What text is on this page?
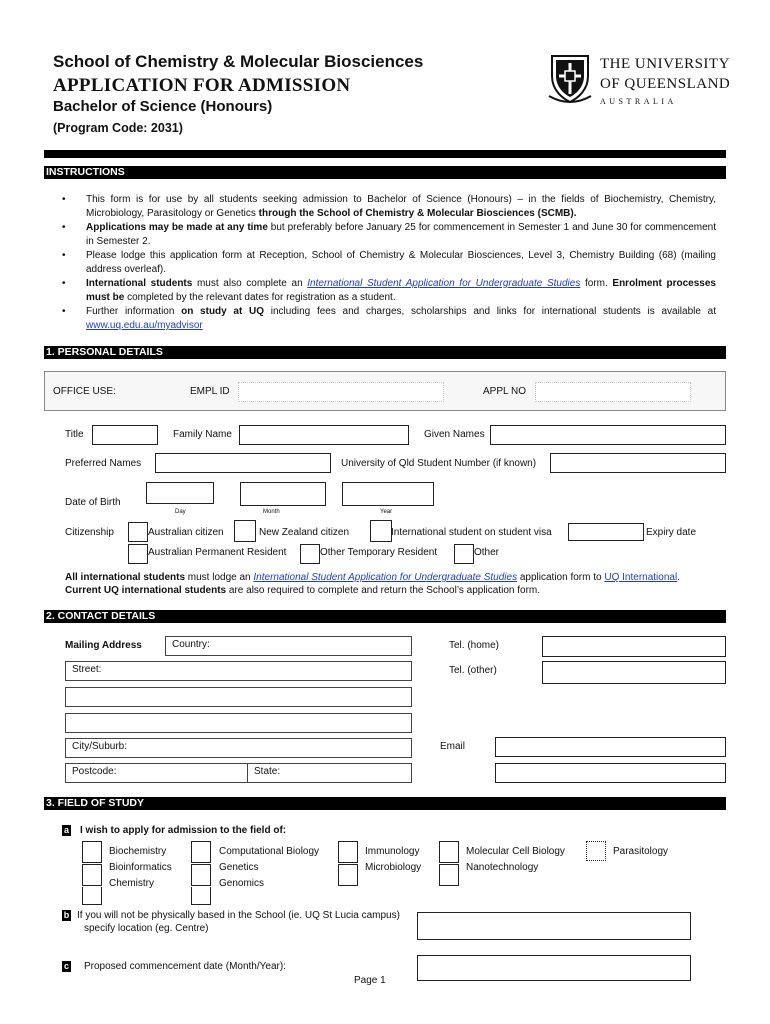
School of Chemistry & Molecular Biosciences
APPLICATION FOR ADMISSION
Bachelor of Science (Honours)
(Program Code: 2031)
THE UNIVERSITY
OF QUEENSLAND
AUSTRALIA
INSTRUCTIONS
• This form is for use by all students seeking admission to Bachelor of Science (Honours) – in the fields of Biochemistry, Chemistry, Microbiology, Parasitology or Genetics through the School of Chemistry & Molecular Biosciences (SCMB).
• Applications may be made at any time but preferably before January 25 for commencement in Semester 1 and June 30 for commencement in Semester 2.
• Please lodge this application form at Reception, School of Chemistry & Molecular Biosciences, Level 3, Chemistry Building (68) (mailing address overleaf).
• International students must also complete an International Student Application for Undergraduate Studies form. Enrolment processes must be completed by the relevant dates for registration as a student.
• Further information on study at UQ including fees and charges, scholarships and links for international students is available at www.uq.edu.au/myadvisor
1. PERSONAL DETAILS
OFFICE USE:	EMPL ID	APPL NO
Title	Family Name	Given Names
Preferred Names	University of Qld Student Number (if known)
Date of Birth
Day	Month	Year
Citizenship	Australian citizen	New Zealand citizen	International student on student visa	Expiry date
Australian Permanent Resident	Other Temporary Resident	Other
All international students must lodge an International Student Application for Undergraduate Studies application form to UQ International.
Current UQ international students are also required to complete and return the School’s application form.
2. CONTACT DETAILS
Mailing Address	Country:
Street:
City/Suburb:
Postcode:	State:
Tel. (home)
Tel. (other)
Email
3. FIELD OF STUDY
a I wish to apply for admission to the field of:
Biochemistry
Bioinformatics
Chemistry
Computational Biology
Genetics
Genomics
Immunology
Microbiology
Molecular Cell Biology
Nanotechnology
Parasitology
b If you will not be physically based in the School (ie. UQ St Lucia campus)
specify location (eg. Centre)
c Proposed commencement date (Month/Year):
Page 1
